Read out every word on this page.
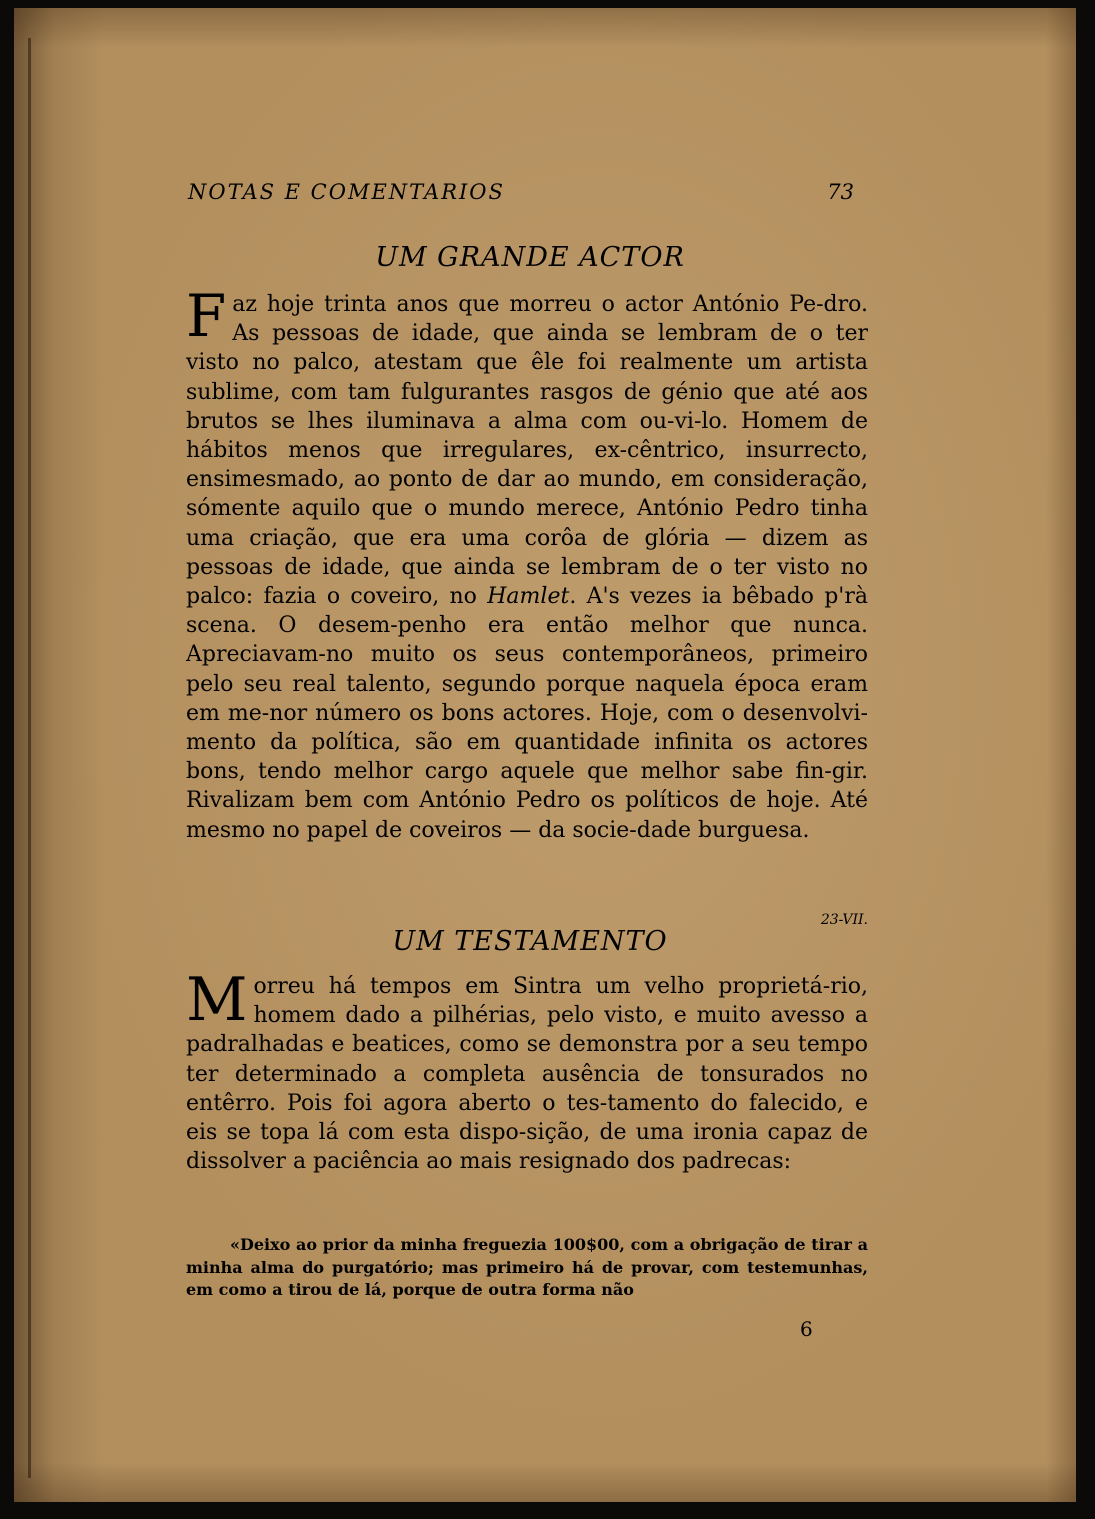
NOTAS E COMENTARIOS	73
UM GRANDE ACTOR
Faz hoje trinta anos que morreu o actor António Pe-dro. As pessoas de idade, que ainda se lembram de o ter visto no palco, atestam que êle foi realmente um artista sublime, com tam fulgurantes rasgos de génio que até aos brutos se lhes iluminava a alma com ou-vi-lo. Homem de hábitos menos que irregulares, ex-cêntrico, insurrecto, ensimesmado, ao ponto de dar ao mundo, em consideração, sómente aquilo que o mundo merece, António Pedro tinha uma criação, que era uma corôa de glória — dizem as pessoas de idade, que ainda se lembram de o ter visto no palco: fazia o coveiro, no Hamlet. A's vezes ia bêbado p'rà scena. O desem-penho era então melhor que nunca. Apreciavam-no muito os seus contemporâneos, primeiro pelo seu real talento, segundo porque naquela época eram em me-nor número os bons actores. Hoje, com o desenvolvi-mento da política, são em quantidade infinita os actores bons, tendo melhor cargo aquele que melhor sabe fin-gir. Rivalizam bem com António Pedro os políticos de hoje. Até mesmo no papel de coveiros — da socie-dade burguesa.
23-VII.
UM TESTAMENTO
Morreu há tempos em Sintra um velho proprietá-rio, homem dado a pilhérias, pelo visto, e muito avesso a padralhadas e beatices, como se demonstra por a seu tempo ter determinado a completa ausência de tonsurados no entêrro. Pois foi agora aberto o tes-tamento do falecido, e eis se topa lá com esta dispo-sição, de uma ironia capaz de dissolver a paciência ao mais resignado dos padrecas:
«Deixo ao prior da minha freguezia 100$00, com a obrigação de tirar a minha alma do purgatório; mas primeiro há de provar, com testemunhas, em como a tirou de lá, porque de outra forma não
6
